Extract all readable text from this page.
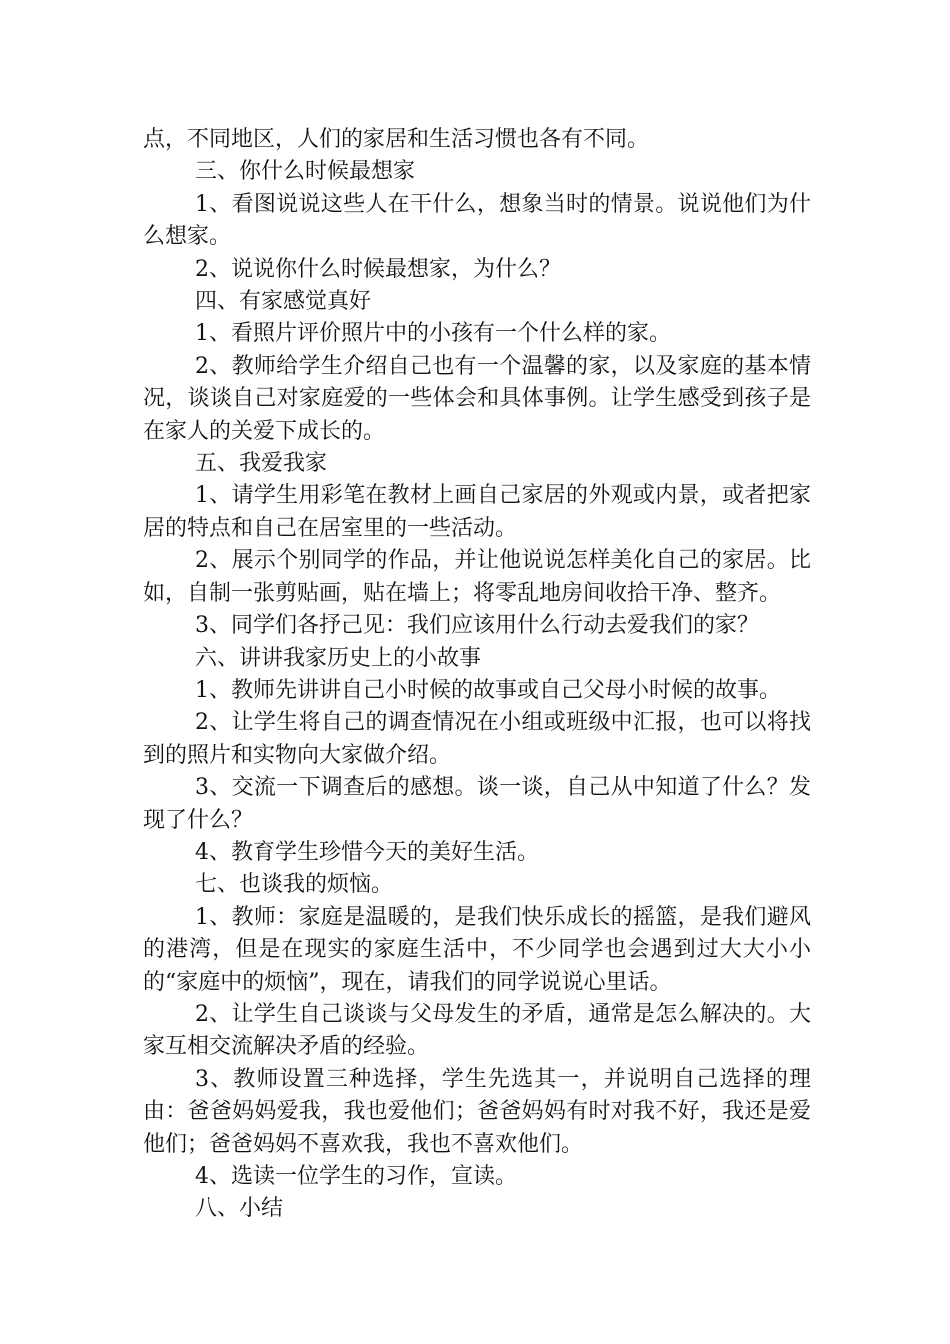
点，不同地区，人们的家居和生活习惯也各有不同。

三、你什么时候最想家

1、看图说说这些人在干什么，想象当时的情景。说说他们为什么想家。

2、说说你什么时候最想家，为什么？

四、有家感觉真好

1、看照片评价照片中的小孩有一个什么样的家。

2、教师给学生介绍自己也有一个温馨的家，以及家庭的基本情况，谈谈自己对家庭爱的一些体会和具体事例。让学生感受到孩子是在家人的关爱下成长的。

五、我爱我家

1、请学生用彩笔在教材上画自己家居的外观或内景，或者把家居的特点和自己在居室里的一些活动。

2、展示个别同学的作品，并让他说说怎样美化自己的家居。比如，自制一张剪贴画，贴在墙上；将零乱地房间收拾干净、整齐。

3、同学们各抒己见：我们应该用什么行动去爱我们的家？

六、讲讲我家历史上的小故事

1、教师先讲讲自己小时候的故事或自己父母小时候的故事。

2、让学生将自己的调查情况在小组或班级中汇报，也可以将找到的照片和实物向大家做介绍。

3、交流一下调查后的感想。谈一谈，自己从中知道了什么？发现了什么？

4、教育学生珍惜今天的美好生活。

七、也谈我的烦恼。

1、教师：家庭是温暖的，是我们快乐成长的摇篮，是我们避风的港湾，但是在现实的家庭生活中，不少同学也会遇到过大大小小的“家庭中的烦恼”，现在，请我们的同学说说心里话。

2、让学生自己谈谈与父母发生的矛盾，通常是怎么解决的。大家互相交流解决矛盾的经验。

3、教师设置三种选择，学生先选其一，并说明自己选择的理由：爸爸妈妈爱我，我也爱他们；爸爸妈妈有时对我不好，我还是爱他们；爸爸妈妈不喜欢我，我也不喜欢他们。

4、选读一位学生的习作，宣读。

八、小结
